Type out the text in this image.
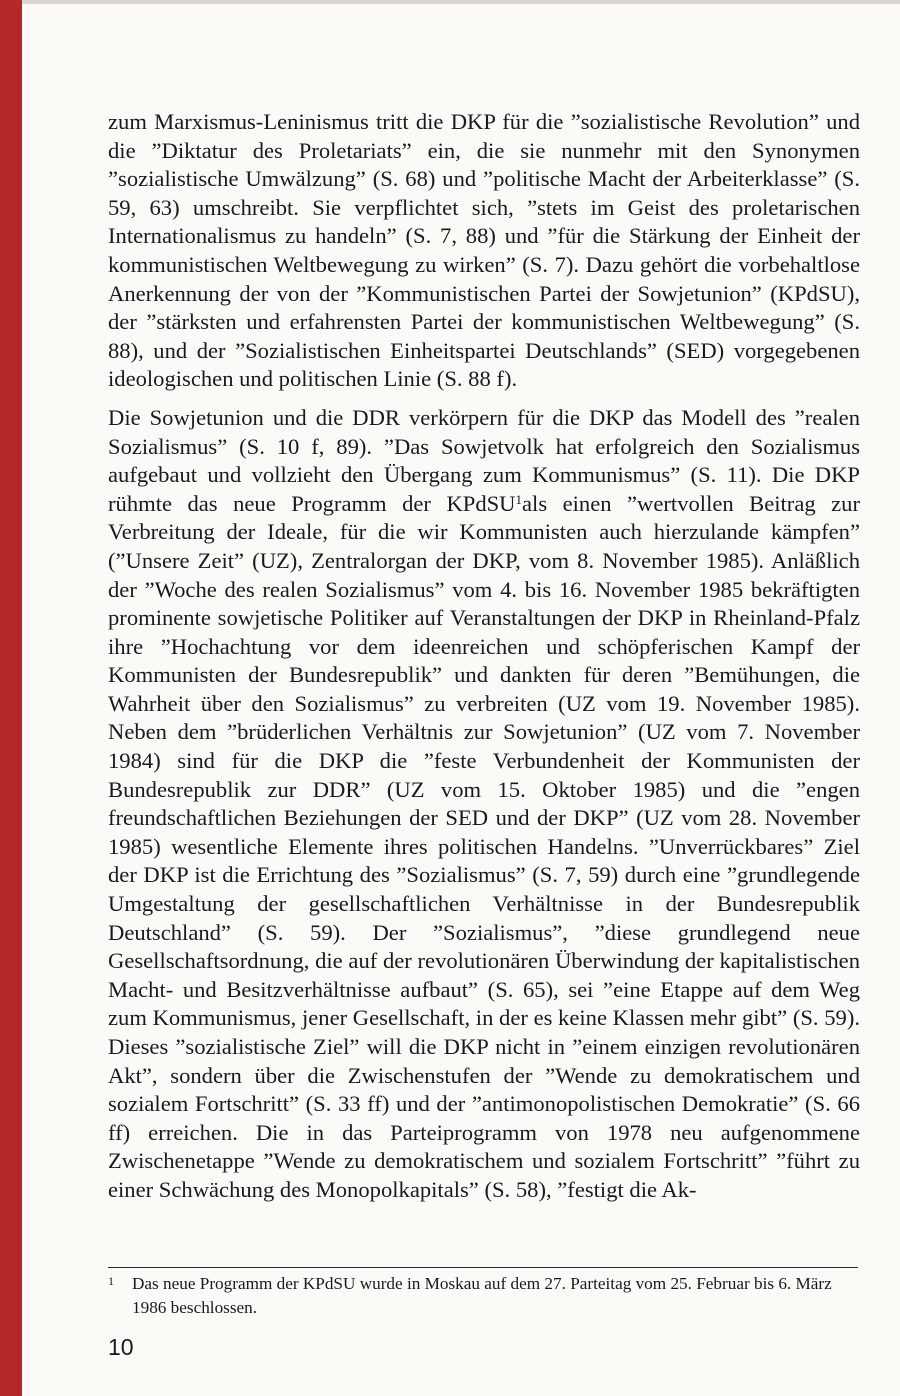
zum Marxismus-Leninismus tritt die DKP für die ”sozialistische Revolution” und die ”Diktatur des Proletariats” ein, die sie nunmehr mit den Synonymen ”sozialistische Umwälzung” (S. 68) und ”politische Macht der Arbeiterklasse” (S. 59, 63) umschreibt. Sie verpflichtet sich, ”stets im Geist des proletarischen Internationalismus zu handeln” (S. 7, 88) und ”für die Stärkung der Einheit der kommunistischen Weltbewegung zu wirken” (S. 7). Dazu gehört die vorbehaltlose Anerkennung der von der ”Kommunistischen Partei der Sowjetunion” (KPdSU), der ”stärksten und erfahrensten Partei der kommunistischen Weltbewegung” (S. 88), und der ”Sozialistischen Einheitspartei Deutschlands” (SED) vorgegebenen ideologischen und politischen Linie (S. 88 f).

Die Sowjetunion und die DDR verkörpern für die DKP das Modell des ”realen Sozialismus” (S. 10 f, 89). ”Das Sowjetvolk hat erfolgreich den Sozialismus aufgebaut und vollzieht den Übergang zum Kommunismus” (S. 11). Die DKP rühmte das neue Programm der KPdSU$^1$als einen ”wertvollen Beitrag zur Verbreitung der Ideale, für die wir Kommunisten auch hierzulande kämpfen” (”Unsere Zeit” (UZ), Zentralorgan der DKP, vom 8. November 1985). Anläßlich der ”Woche des realen Sozialismus” vom 4. bis 16. November 1985 bekräftigten prominente sowjetische Politiker auf Veranstaltungen der DKP in Rheinland-Pfalz ihre ”Hochachtung vor dem ideenreichen und schöpferischen Kampf der Kommunisten der Bundesrepublik” und dankten für deren ”Bemühungen, die Wahrheit über den Sozialismus” zu verbreiten (UZ vom 19. November 1985). Neben dem ”brüderlichen Verhältnis zur Sowjetunion” (UZ vom 7. November 1984) sind für die DKP die ”feste Verbundenheit der Kommunisten der Bundesrepublik zur DDR” (UZ vom 15. Oktober 1985) und die ”engen freundschaftlichen Beziehungen der SED und der DKP” (UZ vom 28. November 1985) wesentliche Elemente ihres politischen Handelns. ”Unverrückbares” Ziel der DKP ist die Errichtung des ”Sozialismus” (S. 7, 59) durch eine ”grundlegende Umgestaltung der gesellschaftlichen Verhältnisse in der Bundesrepublik Deutschland” (S. 59). Der ”Sozialismus”, ”diese grundlegend neue Gesellschaftsordnung, die auf der revolutionären Überwindung der kapitalistischen Macht- und Besitzverhältnisse aufbaut” (S. 65), sei ”eine Etappe auf dem Weg zum Kommunismus, jener Gesellschaft, in der es keine Klassen mehr gibt” (S. 59). Dieses ”sozialistische Ziel” will die DKP nicht in ”einem einzigen revolutionären Akt”, sondern über die Zwischenstufen der ”Wende zu demokratischem und sozialem Fortschritt” (S. 33 ff) und der ”antimonopolistischen Demokratie” (S. 66 ff) erreichen. Die in das Parteiprogramm von 1978 neu aufgenommene Zwischenetappe ”Wende zu demokratischem und sozialem Fortschritt” ”führt zu einer Schwächung des Monopolkapitals” (S. 58), ”festigt die Ak-

1 Das neue Programm der KPdSU wurde in Moskau auf dem 27. Parteitag vom 25. Februar bis 6. März 1986 beschlossen.
10
